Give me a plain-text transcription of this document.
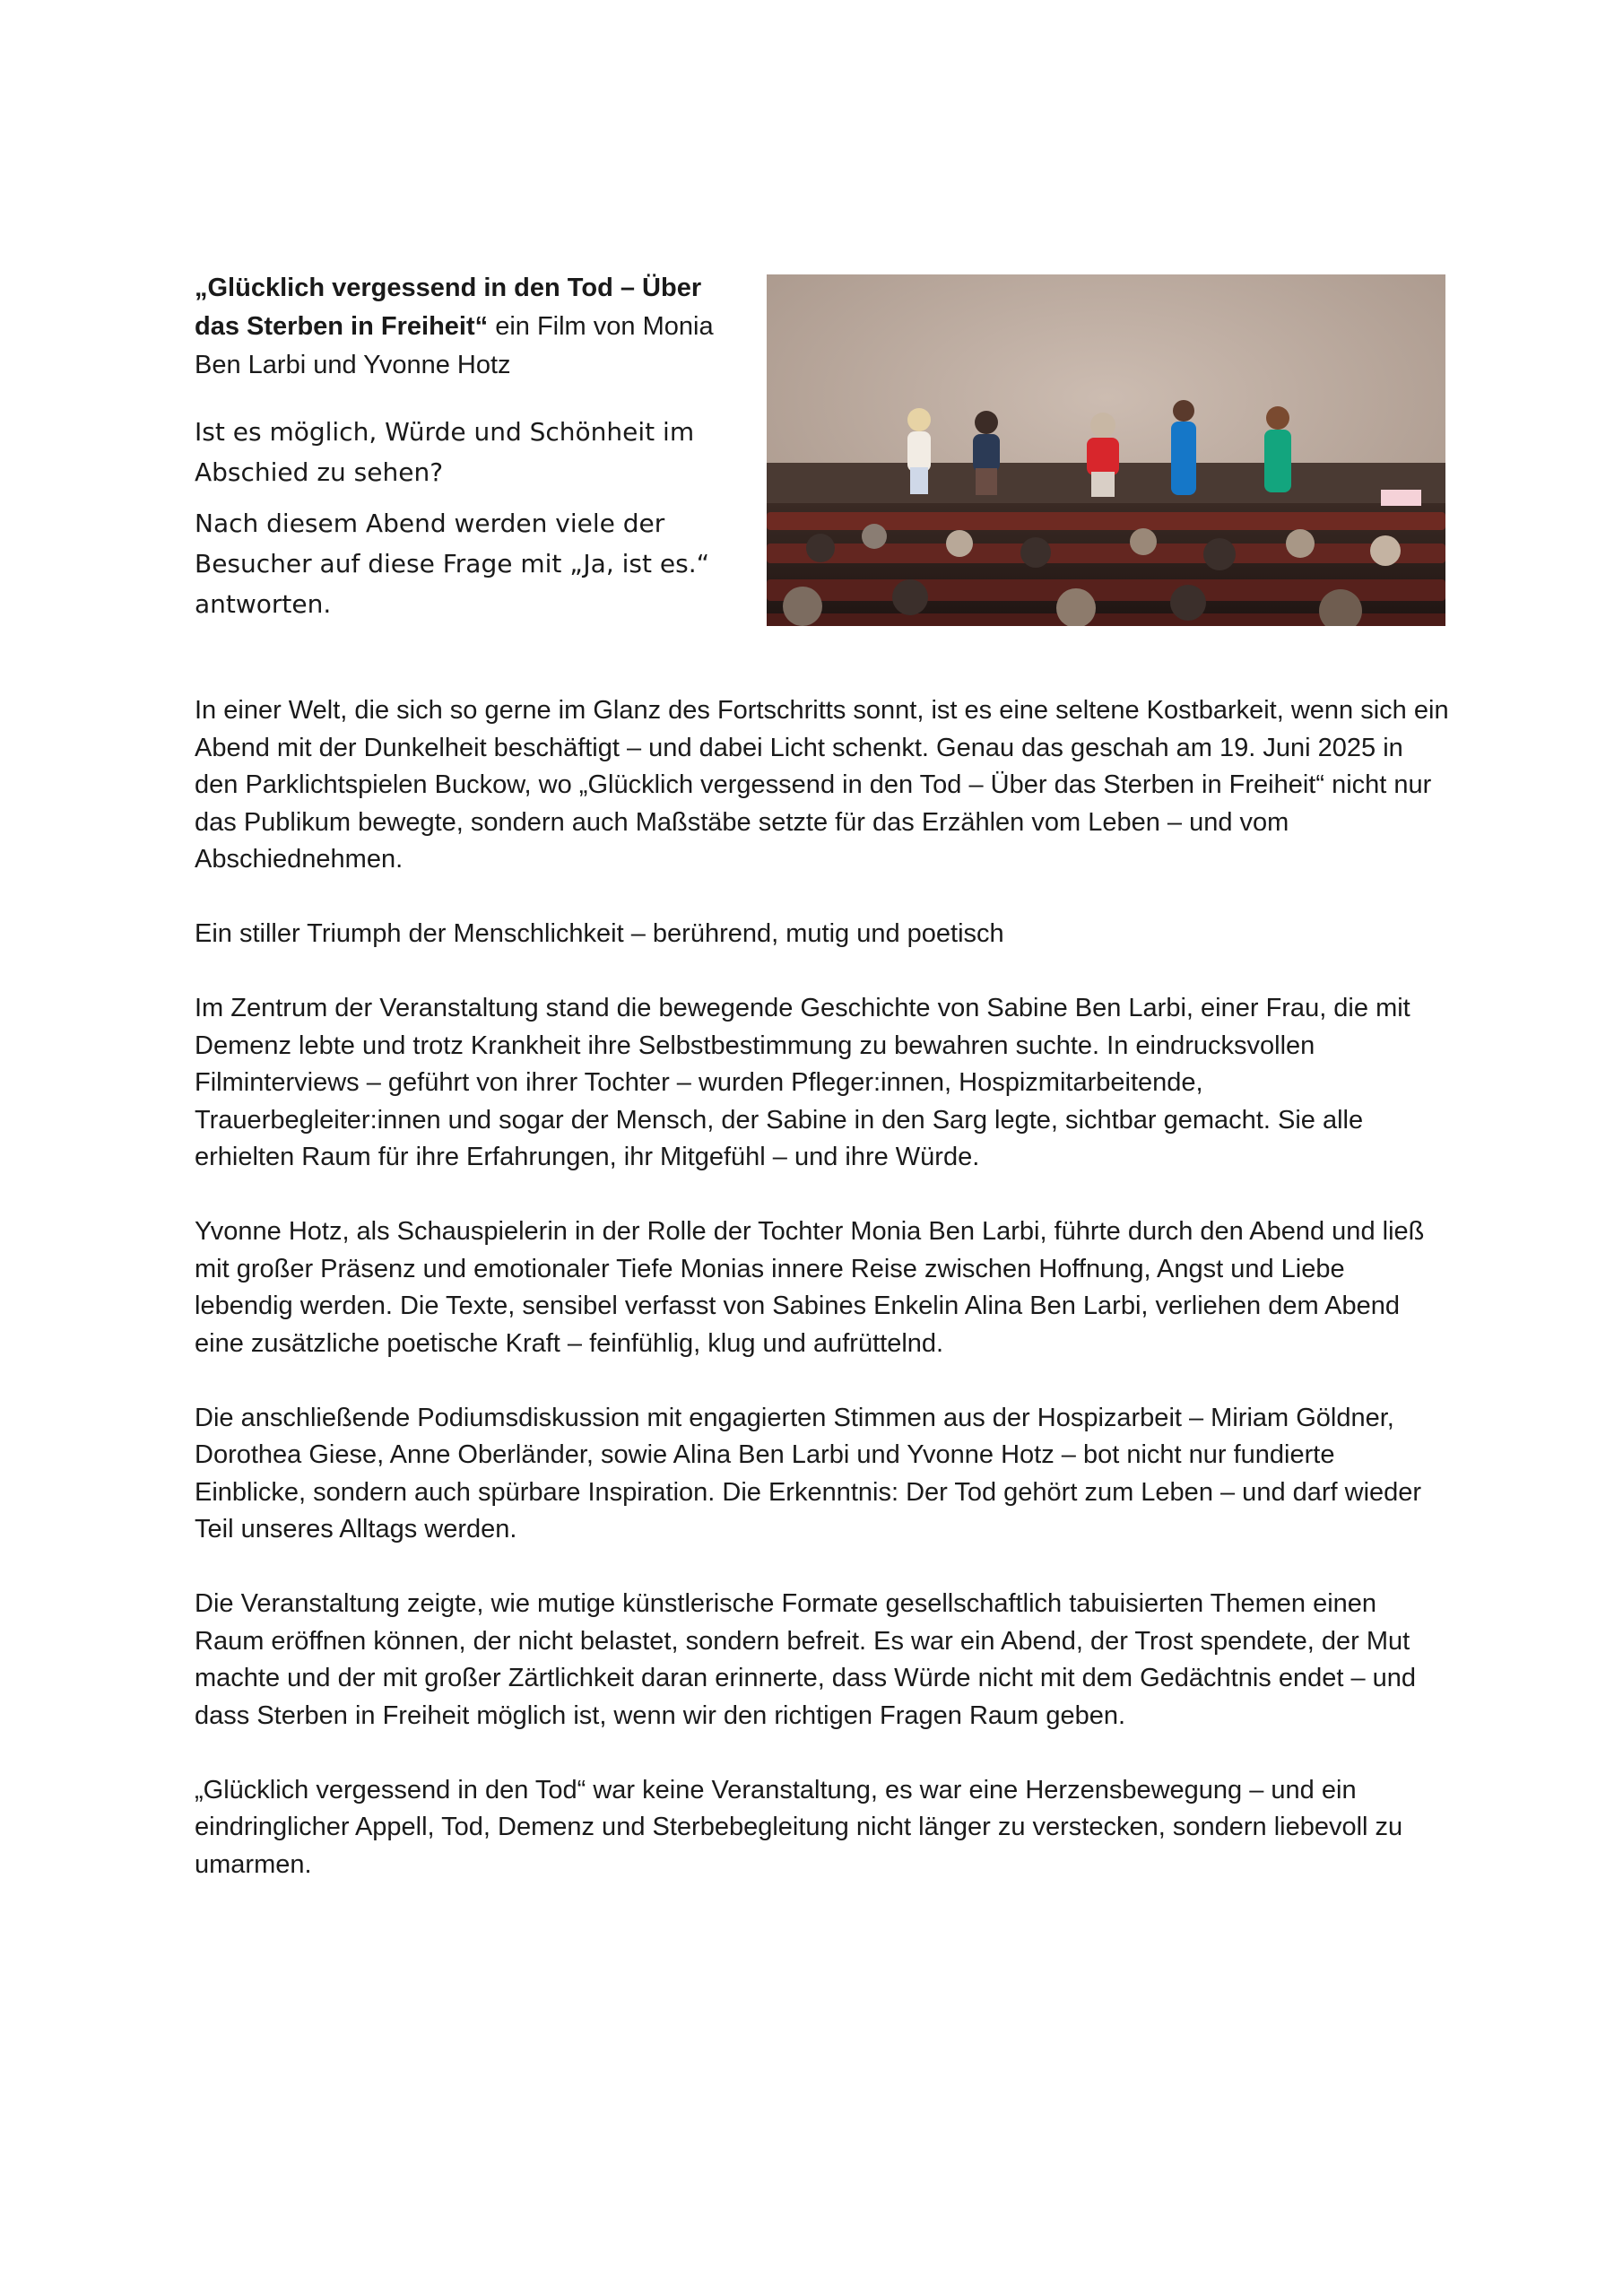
„Glücklich vergessend in den Tod – Über das Sterben in Freiheit“ ein Film von Monia Ben Larbi und Yvonne Hotz

Ist es möglich, Würde und Schönheit im Abschied zu sehen?

Nach diesem Abend werden viele der Besucher auf diese Frage mit „Ja, ist es.“ antworten.

In einer Welt, die sich so gerne im Glanz des Fortschritts sonnt, ist es eine seltene Kostbarkeit, wenn sich ein Abend mit der Dunkelheit beschäftigt – und dabei Licht schenkt. Genau das geschah am 19. Juni 2025 in den Parklichtspielen Buckow, wo „Glücklich vergessend in den Tod – Über das Sterben in Freiheit“ nicht nur das Publikum bewegte, sondern auch Maßstäbe setzte für das Erzählen vom Leben – und vom Abschiednehmen.

Ein stiller Triumph der Menschlichkeit – berührend, mutig und poetisch

Im Zentrum der Veranstaltung stand die bewegende Geschichte von Sabine Ben Larbi, einer Frau, die mit Demenz lebte und trotz Krankheit ihre Selbstbestimmung zu bewahren suchte. In eindrucksvollen Filminterviews – geführt von ihrer Tochter – wurden Pfleger:innen, Hospizmitarbeitende, Trauerbegleiter:innen und sogar der Mensch, der Sabine in den Sarg legte, sichtbar gemacht. Sie alle erhielten Raum für ihre Erfahrungen, ihr Mitgefühl – und ihre Würde.

Yvonne Hotz, als Schauspielerin in der Rolle der Tochter Monia Ben Larbi, führte durch den Abend und ließ mit großer Präsenz und emotionaler Tiefe Monias innere Reise zwischen Hoffnung, Angst und Liebe lebendig werden. Die Texte, sensibel verfasst von Sabines Enkelin Alina Ben Larbi, verliehen dem Abend eine zusätzliche poetische Kraft – feinfühlig, klug und aufrüttelnd.

Die anschließende Podiumsdiskussion mit engagierten Stimmen aus der Hospizarbeit – Miriam Göldner, Dorothea Giese, Anne Oberländer, sowie Alina Ben Larbi und Yvonne Hotz – bot nicht nur fundierte Einblicke, sondern auch spürbare Inspiration. Die Erkenntnis: Der Tod gehört zum Leben – und darf wieder Teil unseres Alltags werden.

Die Veranstaltung zeigte, wie mutige künstlerische Formate gesellschaftlich tabuisierten Themen einen Raum eröffnen können, der nicht belastet, sondern befreit. Es war ein Abend, der Trost spendete, der Mut machte und der mit großer Zärtlichkeit daran erinnerte, dass Würde nicht mit dem Gedächtnis endet – und dass Sterben in Freiheit möglich ist, wenn wir den richtigen Fragen Raum geben.

„Glücklich vergessend in den Tod“ war keine Veranstaltung, es war eine Herzensbewegung – und ein eindringlicher Appell, Tod, Demenz und Sterbebegleitung nicht länger zu verstecken, sondern liebevoll zu umarmen.
